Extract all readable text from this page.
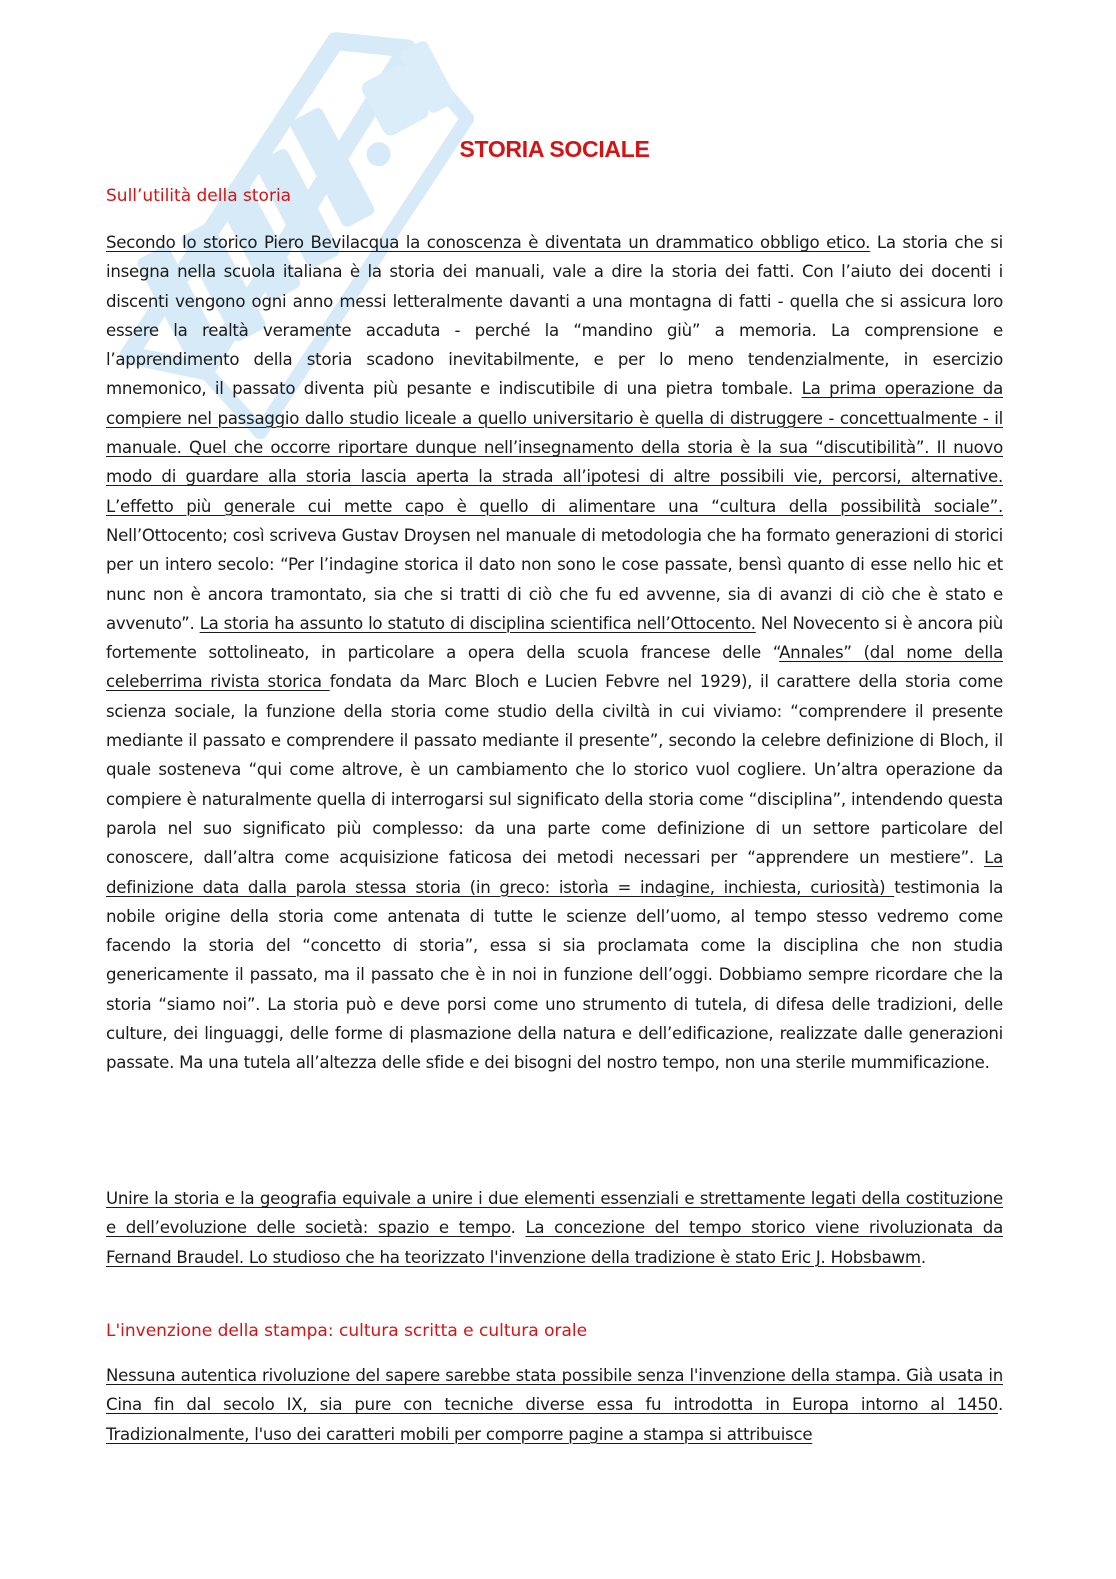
STORIA SOCIALE
Sull’utilità della storia

Secondo lo storico Piero Bevilacqua la conoscenza è diventata un drammatico obbligo etico. La storia che si insegna nella scuola italiana è la storia dei manuali, vale a dire la storia dei fatti. Con l’aiuto dei docenti i discenti vengono ogni anno messi letteralmente davanti a una montagna di fatti - quella che si assicura loro essere la realtà veramente accaduta - perché la “mandino giù” a memoria. La comprensione e l’apprendimento della storia scadono inevitabilmente, e per lo meno tendenzialmente, in esercizio mnemonico, il passato diventa più pesante e indiscutibile di una pietra tombale. La prima operazione da compiere nel passaggio dallo studio liceale a quello universitario è quella di distruggere - concettualmente - il manuale. Quel che occorre riportare dunque nell’insegnamento della storia è la sua “discutibilità”. Il nuovo modo di guardare alla storia lascia aperta la strada all’ipotesi di altre possibili vie, percorsi, alternative. L’effetto più generale cui mette capo è quello di alimentare una “cultura della possibilità sociale”. Nell’Ottocento; così scriveva Gustav Droysen nel manuale di metodologia che ha formato generazioni di storici per un intero secolo: “Per l’indagine storica il dato non sono le cose passate, bensì quanto di esse nello hic et nunc non è ancora tramontato, sia che si tratti di ciò che fu ed avvenne, sia di avanzi di ciò che è stato e avvenuto”. La storia ha assunto lo statuto di disciplina scientifica nell’Ottocento. Nel Novecento si è ancora più fortemente sottolineato, in particolare a opera della scuola francese delle “Annales” (dal nome della celeberrima rivista storica fondata da Marc Bloch e Lucien Febvre nel 1929), il carattere della storia come scienza sociale, la funzione della storia come studio della civiltà in cui viviamo: “comprendere il presente mediante il passato e comprendere il passato mediante il presente”, secondo la celebre definizione di Bloch, il quale sosteneva “qui come altrove, è un cambiamento che lo storico vuol cogliere. Un’altra operazione da compiere è naturalmente quella di interrogarsi sul significato della storia come “disciplina”, intendendo questa parola nel suo significato più complesso: da una parte come definizione di un settore particolare del conoscere, dall’altra come acquisizione faticosa dei metodi necessari per “apprendere un mestiere”. La definizione data dalla parola stessa storia (in greco: istorìa = indagine, inchiesta, curiosità) testimonia la nobile origine della storia come antenata di tutte le scienze dell’uomo, al tempo stesso vedremo come facendo la storia del “concetto di storia”, essa si sia proclamata come la disciplina che non studia genericamente il passato, ma il passato che è in noi in funzione dell’oggi. Dobbiamo sempre ricordare che la storia “siamo noi”. La storia può e deve porsi come uno strumento di tutela, di difesa delle tradizioni, delle culture, dei linguaggi, delle forme di plasmazione della natura e dell’edificazione, realizzate dalle generazioni passate. Ma una tutela all’altezza delle sfide e dei bisogni del nostro tempo, non una sterile mummificazione.

Unire la storia e la geografia equivale a unire i due elementi essenziali e strettamente legati della costituzione e dell’evoluzione delle società: spazio e tempo. La concezione del tempo storico viene rivoluzionata da Fernand Braudel. Lo studioso che ha teorizzato l'invenzione della tradizione è stato Eric J. Hobsbawm.

L'invenzione della stampa: cultura scritta e cultura orale

Nessuna autentica rivoluzione del sapere sarebbe stata possibile senza l'invenzione della stampa. Già usata in Cina fin dal secolo IX, sia pure con tecniche diverse essa fu introdotta in Europa intorno al 1450. Tradizionalmente, l'uso dei caratteri mobili per comporre pagine a stampa si attribuisce
